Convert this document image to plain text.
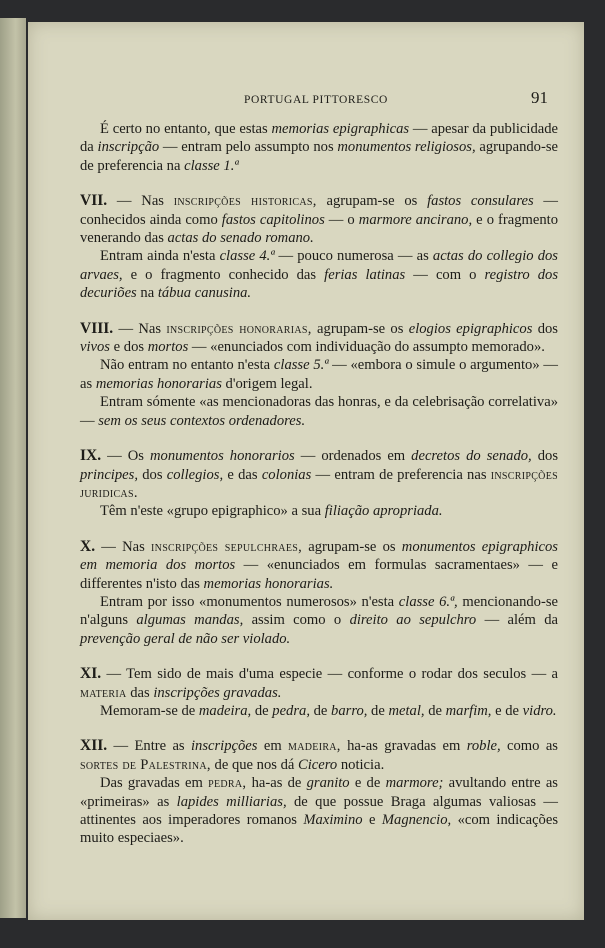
PORTUGAL PITTORESCO	91

É certo no entanto, que estas memorias epigraphicas — apesar da publicidade da inscripção — entram pelo assumpto nos monumentos religiosos, agrupando-se de preferencia na classe 1.ª

VII. — Nas inscripções historicas, agrupam-se os fastos consulares — conhecidos ainda como fastos capitolinos — o marmore ancirano, e o fragmento venerando das actas do senado romano.

Entram ainda n'esta classe 4.ª — pouco numerosa — as actas do collegio dos arvaes, e o fragmento conhecido das ferias latinas — com o registro dos decuriões na tábua canusina.

VIII. — Nas inscripções honorarias, agrupam-se os elogios epigraphicos dos vivos e dos mortos — «enunciados com individuação do assumpto memorado».

Não entram no entanto n'esta classe 5.ª — «embora o simule o argumento» — as memorias honorarias d'origem legal.

Entram sómente «as mencionadoras das honras, e da celebrisação correlativa» — sem os seus contextos ordenadores.

IX. — Os monumentos honorarios — ordenados em decretos do senado, dos principes, dos collegios, e das colonias — entram de preferencia nas inscripções juridicas.

Têm n'este «grupo epigraphico» a sua filiação apropriada.

X. — Nas inscripções sepulchraes, agrupam-se os monumentos epigraphicos em memoria dos mortos — «enunciados em formulas sacramentaes» — e differentes n'isto das memorias honorarias.

Entram por isso «monumentos numerosos» n'esta classe 6.ª, mencionando-se n'alguns algumas mandas, assim como o direito ao sepulchro — além da prevenção geral de não ser violado.

XI. — Tem sido de mais d'uma especie — conforme o rodar dos seculos — a materia das inscripções gravadas.

Memoram-se de madeira, de pedra, de barro, de metal, de marfim, e de vidro.

XII. — Entre as inscripções em madeira, ha-as gravadas em roble, como as sortes de Palestrina, de que nos dá Cicero noticia.

Das gravadas em pedra, ha-as de granito e de marmore; avultando entre as «primeiras» as lapides milliarias, de que possue Braga algumas valiosas — attinentes aos imperadores romanos Maximino e Magnencio, «com indicações muito especiaes».
